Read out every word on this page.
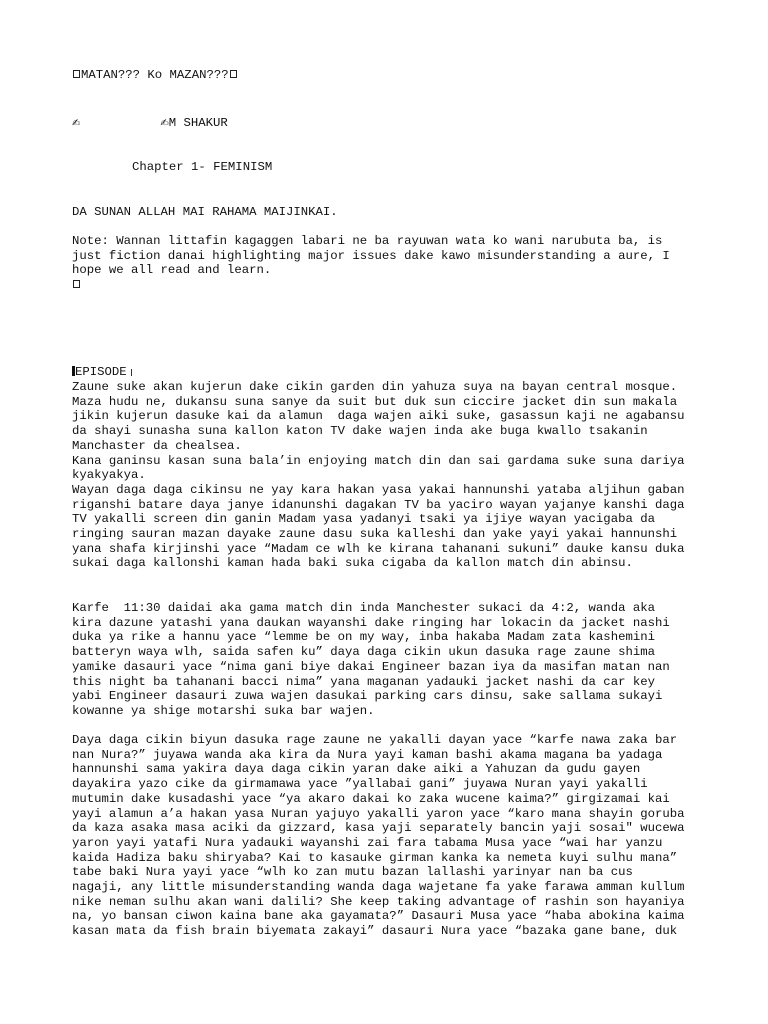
MATAN??? Ko MAZAN???
✍	✍M SHAKUR
Chapter 1- FEMINISM
DA SUNAN ALLAH MAI RAHAMA MAIJINKAI.

Note: Wannan littafin kagaggen labari ne ba rayuwan wata ko wani narubuta ba, is

just fiction danai highlighting major issues dake kawo misunderstanding a aure, I

hope we all read and learn.

EPISODE

Zaune suke akan kujerun dake cikin garden din yahuza suya na bayan central mosque.

Maza hudu ne, dukansu suna sanye da suit but duk sun ciccire jacket din sun makala

jikin kujerun dasuke kai da alamun  daga wajen aiki suke, gasassun kaji ne agabansu

da shayi sunasha suna kallon katon TV dake wajen inda ake buga kwallo tsakanin

Manchaster da chealsea.

Kana ganinsu kasan suna bala’in enjoying match din dan sai gardama suke suna dariya

kyakyakya.

Wayan daga daga cikinsu ne yay kara hakan yasa yakai hannunshi yataba aljihun gaban

riganshi batare daya janye idanunshi dagakan TV ba yaciro wayan yajanye kanshi daga

TV yakalli screen din ganin Madam yasa yadanyi tsaki ya ijiye wayan yacigaba da

ringing sauran mazan dayake zaune dasu suka kalleshi dan yake yayi yakai hannunshi

yana shafa kirjinshi yace “Madam ce wlh ke kirana tahanani sukuni” dauke kansu duka

sukai daga kallonshi kaman hada baki suka cigaba da kallon match din abinsu.

Karfe  11:30 daidai aka gama match din inda Manchester sukaci da 4:2, wanda aka

kira dazune yatashi yana daukan wayanshi dake ringing har lokacin da jacket nashi

duka ya rike a hannu yace “lemme be on my way, inba hakaba Madam zata kashemini

batteryn waya wlh, saida safen ku” daya daga cikin ukun dasuka rage zaune shima

yamike dasauri yace “nima gani biye dakai Engineer bazan iya da masifan matan nan

this night ba tahanani bacci nima” yana maganan yadauki jacket nashi da car key

yabi Engineer dasauri zuwa wajen dasukai parking cars dinsu, sake sallama sukayi

kowanne ya shige motarshi suka bar wajen.

Daya daga cikin biyun dasuka rage zaune ne yakalli dayan yace “karfe nawa zaka bar

nan Nura?” juyawa wanda aka kira da Nura yayi kaman bashi akama magana ba yadaga

hannunshi sama yakira daya daga cikin yaran dake aiki a Yahuzan da gudu gayen

dayakira yazo cike da girmamawa yace ”yallabai gani” juyawa Nuran yayi yakalli

mutumin dake kusadashi yace “ya akaro dakai ko zaka wucene kaima?” girgizamai kai

yayi alamun a’a hakan yasa Nuran yajuyo yakalli yaron yace “karo mana shayin goruba

da kaza asaka masa aciki da gizzard, kasa yaji separately bancin yaji sosai" wucewa

yaron yayi yatafi Nura yadauki wayanshi zai fara tabama Musa yace “wai har yanzu

kaida Hadiza baku shiryaba? Kai to kasauke girman kanka ka nemeta kuyi sulhu mana”

tabe baki Nura yayi yace “wlh ko zan mutu bazan lallashi yarinyar nan ba cus

nagaji, any little misunderstanding wanda daga wajetane fa yake farawa amman kullum

nike neman sulhu akan wani dalili? She keep taking advantage of rashin son hayaniya

na, yo bansan ciwon kaina bane aka gayamata?” Dasauri Musa yace “haba abokina kaima

kasan mata da fish brain biyemata zakayi” dasauri Nura yace “bazaka gane bane, duk
